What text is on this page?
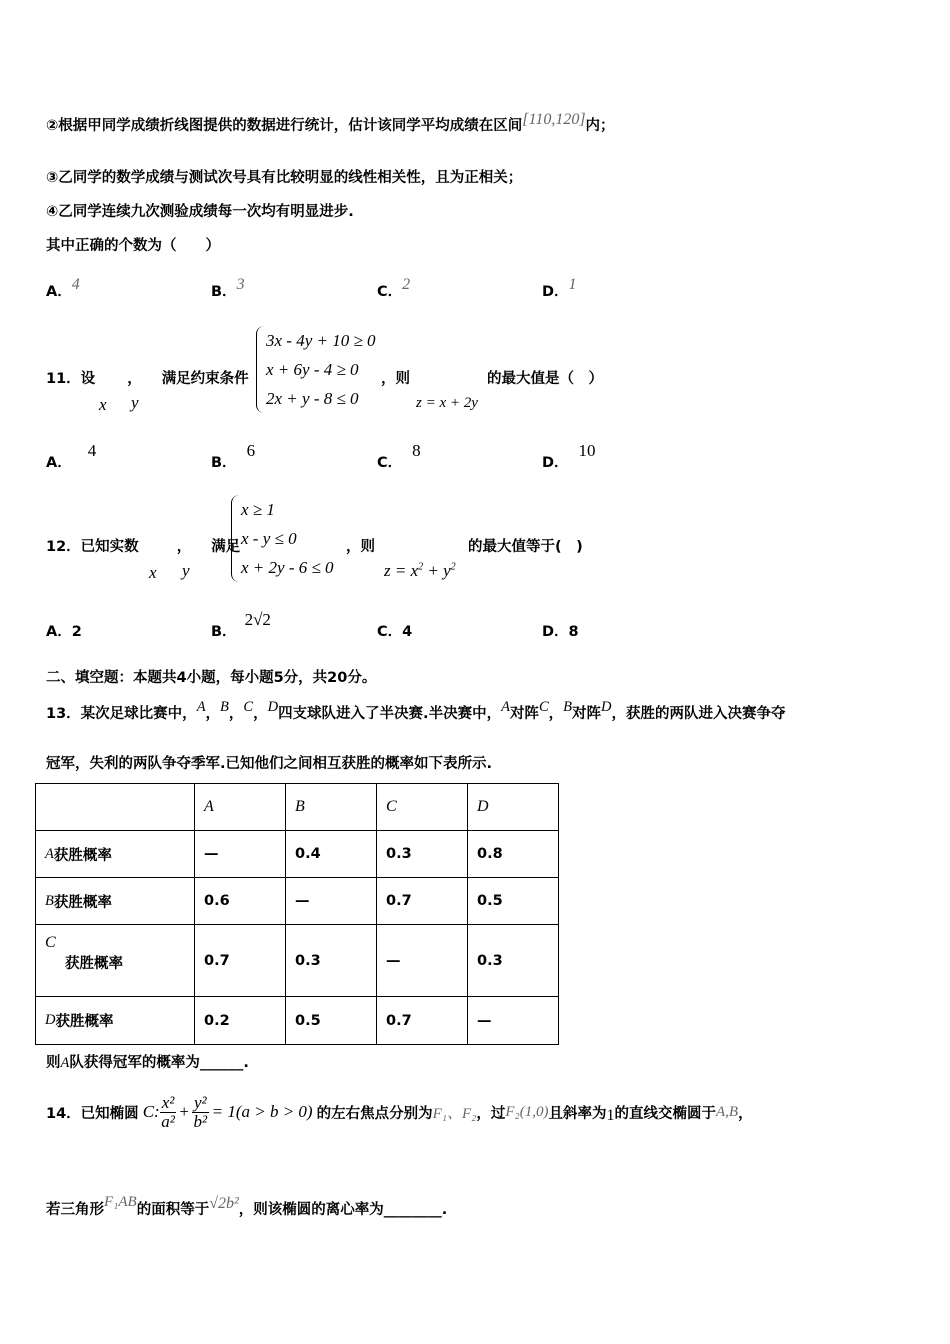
②根据甲同学成绩折线图提供的数据进行统计，估计该同学平均成绩在区间[110,120]内；
③乙同学的数学成绩与测试次号具有比较明显的线性相关性，且为正相关；
④乙同学连续九次测验成绩每一次均有明显进步.
其中正确的个数为（　　）
A．4	B．3	C．2	D．1
11．设 ， 满足约束条件
x y
3x - 4y + 10 ≥ 0
x + 6y - 4 ≥ 0
2x + y - 8 ≤ 0
，则
z = x + 2y
的最大值是（　）
A．4
B．6
C．8
D．10
12．已知实数	， 满足
x y
x ≥ 1
x - y ≤ 0
x + 2y - 6 ≤ 0
，则
$z = x^2 + y^2$
的最大值等于(　)
A．2	B．2√2
C．4	D．8
二、填空题：本题共4小题，每小题5分，共20分。
13．某次足球比赛中，A，B，C，D四支球队进入了半决赛.半决赛中，A对阵C，B对阵D，获胜的两队进入决赛争夺
冠军，失利的两队争夺季军.已知他们之间相互获胜的概率如下表所示.
	A	B	C	D
A获胜概率	—	0.4	0.3	0.8
B获胜概率	0.6	—	0.7	0.5

C
获胜概率	0.7	0.3	—	0.3
D获胜概率	0.2	0.5	0.7	—
则A队获得冠军的概率为______.
14．已知椭圆 C: $\frac{\text{x²}}{\text{a²}} + \frac{\text{y²}}{\text{b²}} = 1(a > b > 0)$ 的左右焦点分别为 F₁、F₂ ，过 F₂(1,0) 且斜率为 1 的直线交椭圆于 A,B ，
若三角形F₁AB的面积等于√2b²，则该椭圆的离心率为________.
